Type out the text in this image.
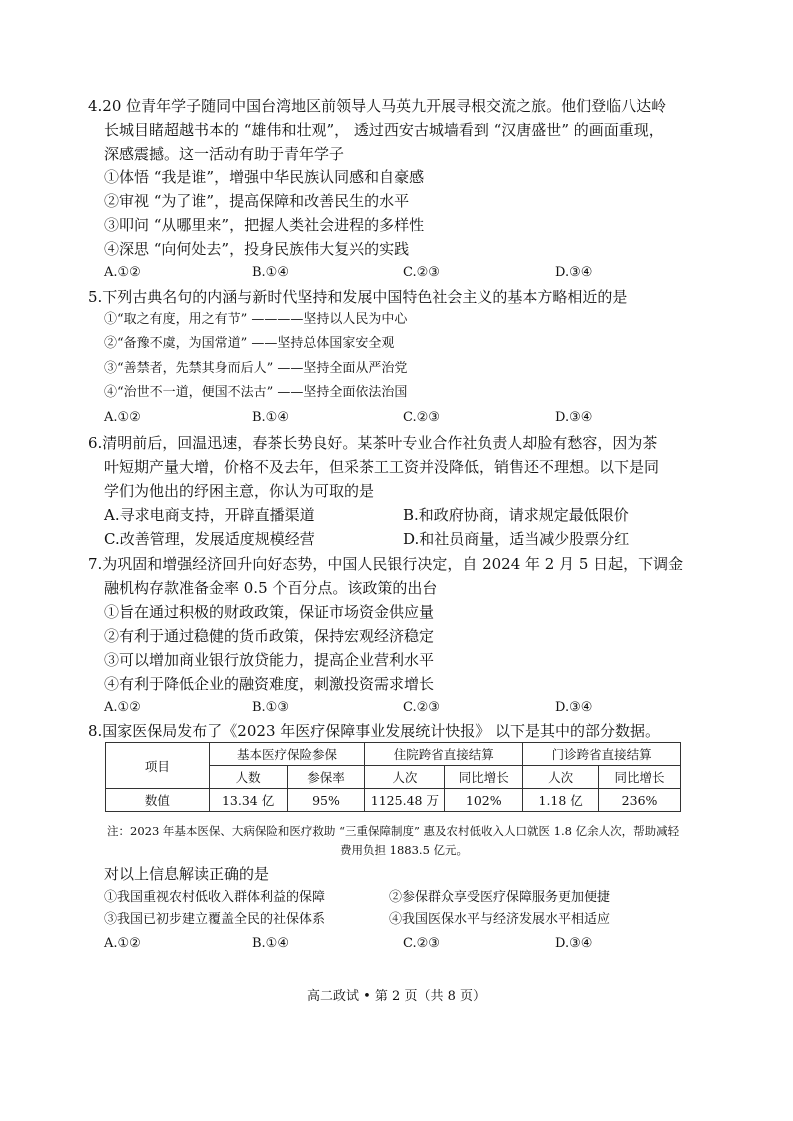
4.20 位青年学子随同中国台湾地区前领导人马英九开展寻根交流之旅。他们登临八达岭
长城目睹超越书本的 “雄伟和壮观”， 透过西安古城墙看到 “汉唐盛世” 的画面重现，
深感震撼。这一活动有助于青年学子
①体悟 “我是谁”，增强中华民族认同感和自豪感
②审视 “为了谁”，提高保障和改善民生的水平
③叩问 “从哪里来”，把握人类社会进程的多样性
④深思 “向何处去”，投身民族伟大复兴的实践
A.①②	B.①④	C.②③	D.③④
5.下列古典名句的内涵与新时代坚持和发展中国特色社会主义的基本方略相近的是
①“取之有度，用之有节” ————坚持以人民为中心
②“备豫不虞，为国常道” ——坚持总体国家安全观
③“善禁者，先禁其身而后人” ——坚持全面从严治党
④“治世不一道，便国不法古” ——坚持全面依法治国
A.①②	B.①④	C.②③	D.③④
6.清明前后，回温迅速，春茶长势良好。某茶叶专业合作社负责人却脸有愁容，因为茶
叶短期产量大增，价格不及去年，但采茶工工资并没降低，销售还不理想。以下是同
学们为他出的纾困主意，你认为可取的是
A.寻求电商支持，开辟直播渠道	B.和政府协商，请求规定最低限价
C.改善管理，发展适度规模经营	D.和社员商量，适当减少股票分红
7.为巩固和增强经济回升向好态势，中国人民银行决定，自 2024 年 2 月 5 日起，下调金
融机构存款准备金率 0.5 个百分点。该政策的出台
①旨在通过积极的财政政策，保证市场资金供应量
②有利于通过稳健的货币政策，保持宏观经济稳定
③可以增加商业银行放贷能力，提高企业营利水平
④有利于降低企业的融资难度，刺激投资需求增长
A.①②	B.①③	C.②③	D.③④
8.国家医保局发布了《2023 年医疗保障事业发展统计快报》 以下是其中的部分数据。
项目	基本医疗保险参保		住院跨省直接结算		门诊跨省直接结算	
	人数	参保率	人次	同比增长	人次	同比增长
数值	13.34 亿	95%	1125.48 万	102%	1.18 亿	236%
注：2023 年基本医保、大病保险和医疗救助 “三重保障制度” 惠及农村低收入人口就医 1.8 亿余人次，帮助减轻
费用负担 1883.5 亿元。
对以上信息解读正确的是
①我国重视农村低收入群体利益的保障	②参保群众享受医疗保障服务更加便捷
③我国已初步建立覆盖全民的社保体系	④我国医保水平与经济发展水平相适应
A.①②	B.①④	C.②③	D.③④
高二政试 • 第 2 页（共 8 页）
